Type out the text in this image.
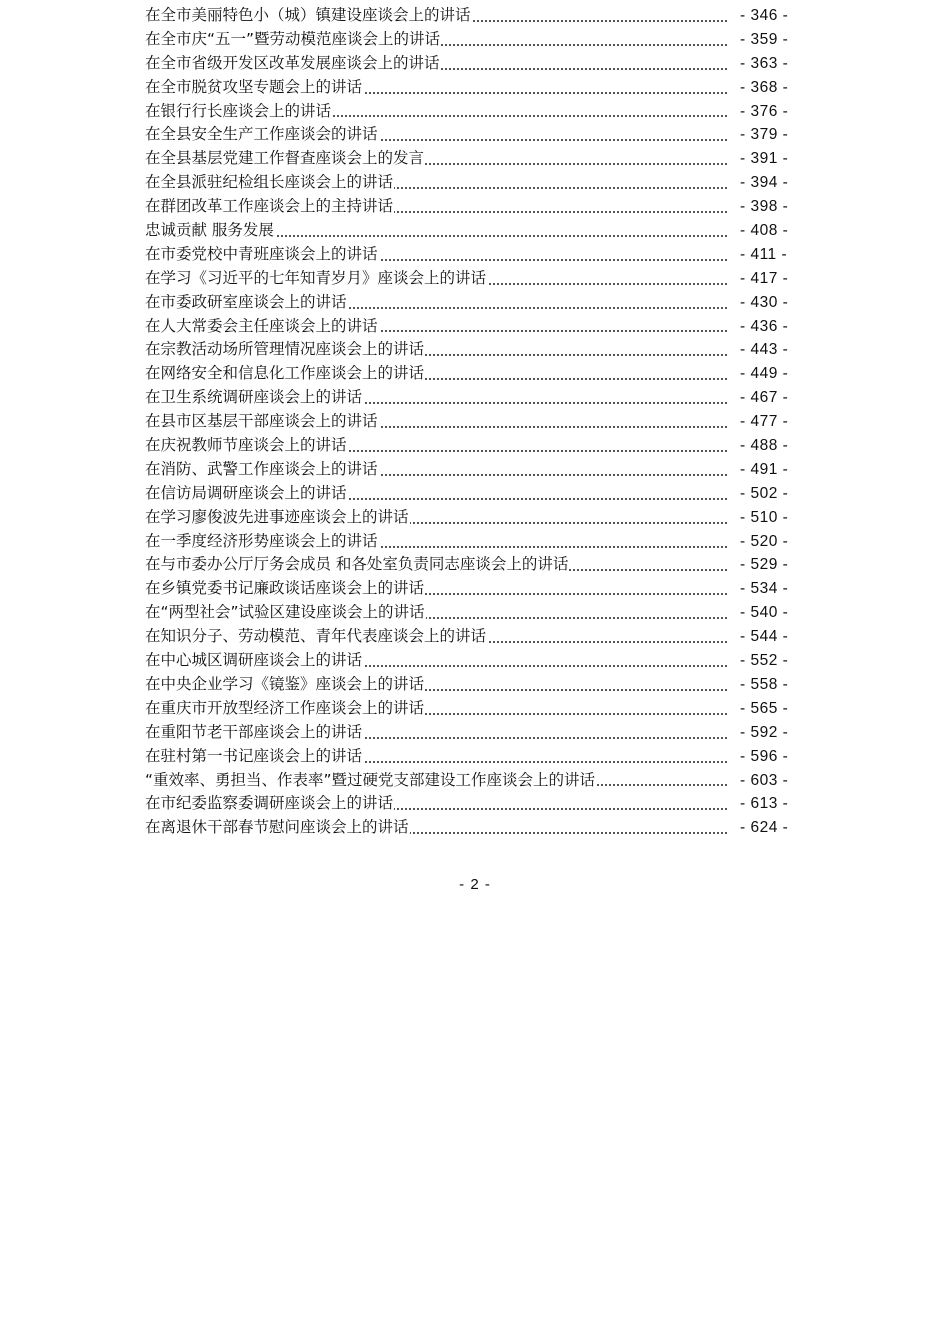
在全市美丽特色小（城）镇建设座谈会上的讲话	- 346 -
在全市庆“五一”暨劳动模范座谈会上的讲话	- 359 -
在全市省级开发区改革发展座谈会上的讲话	- 363 -
在全市脱贫攻坚专题会上的讲话	- 368 -
在银行行长座谈会上的讲话	- 376 -
在全县安全生产工作座谈会的讲话	- 379 -
在全县基层党建工作督查座谈会上的发言	- 391 -
在全县派驻纪检组长座谈会上的讲话	- 394 -
在群团改革工作座谈会上的主持讲话	- 398 -
忠诚贡献 服务发展	- 408 -
在市委党校中青班座谈会上的讲话	- 411 -
在学习《习近平的七年知青岁月》座谈会上的讲话	- 417 -
在市委政研室座谈会上的讲话	- 430 -
在人大常委会主任座谈会上的讲话	- 436 -
在宗教活动场所管理情况座谈会上的讲话	- 443 -
在网络安全和信息化工作座谈会上的讲话	- 449 -
在卫生系统调研座谈会上的讲话	- 467 -
在县市区基层干部座谈会上的讲话	- 477 -
在庆祝教师节座谈会上的讲话	- 488 -
在消防、武警工作座谈会上的讲话	- 491 -
在信访局调研座谈会上的讲话	- 502 -
在学习廖俊波先进事迹座谈会上的讲话	- 510 -
在一季度经济形势座谈会上的讲话	- 520 -
在与市委办公厅厅务会成员 和各处室负责同志座谈会上的讲话	- 529 -
在乡镇党委书记廉政谈话座谈会上的讲话	- 534 -
在“两型社会”试验区建设座谈会上的讲话	- 540 -
在知识分子、劳动模范、青年代表座谈会上的讲话	- 544 -
在中心城区调研座谈会上的讲话	- 552 -
在中央企业学习《镜鉴》座谈会上的讲话	- 558 -
在重庆市开放型经济工作座谈会上的讲话	- 565 -
在重阳节老干部座谈会上的讲话	- 592 -
在驻村第一书记座谈会上的讲话	- 596 -
“重效率、勇担当、作表率”暨过硬党支部建设工作座谈会上的讲话	- 603 -
在市纪委监察委调研座谈会上的讲话	- 613 -
在离退休干部春节慰问座谈会上的讲话	- 624 -
- 2 -
